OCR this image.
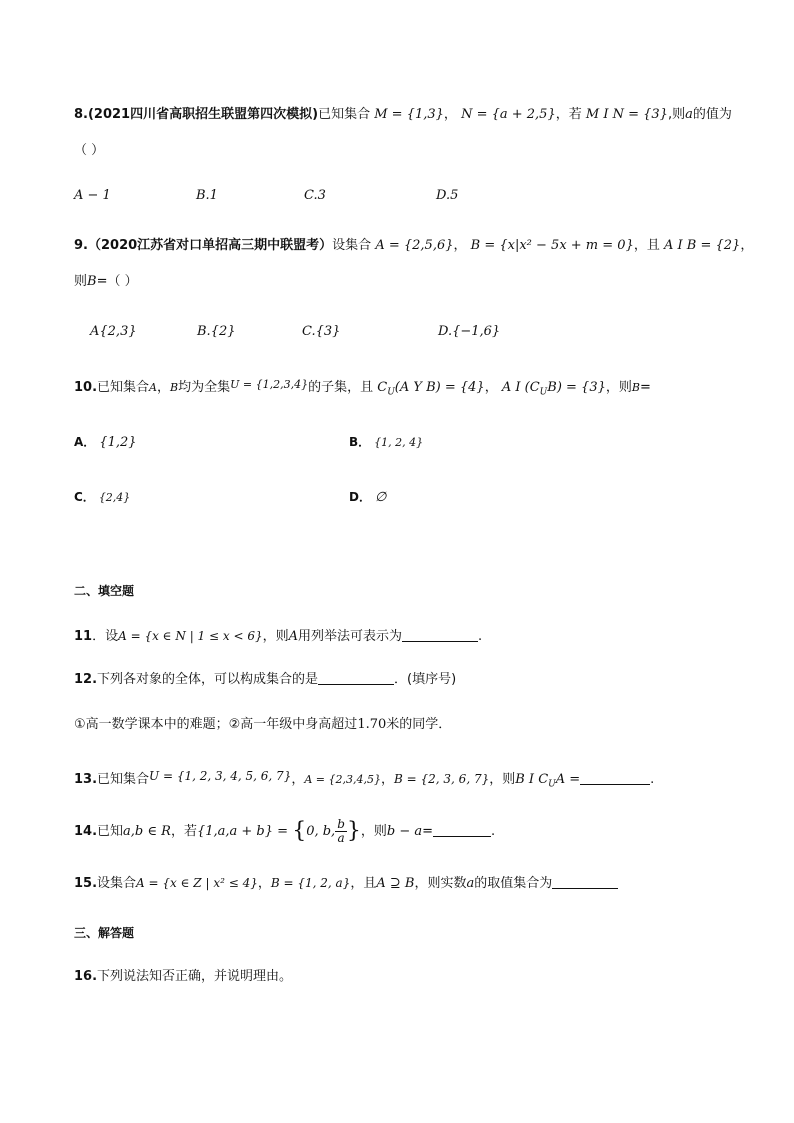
8.(2021四川省高职招生联盟第四次模拟)已知集合 M = {1,3}， N = {a + 2,5}，若 M I N = {3},则a的值为
（ ）
A − 1	B.1	C.3	D.5
9.（2020江苏省对口单招高三期中联盟考）设集合 A = {2,5,6}， B = {x|x² − 5x + m = 0}，且 A I B = {2}，
则B=（ ）
A{2,3}	B.{2}	C.{3}	D.{−1,6}
10.已知集合A，B均为全集$^{U = \{1,2,3,4\}}$的子集，且 $C_U(A$ Y B) = {4}， A I $(C_UB) = \{3\}$，则B=
A． {1,2}	B． {1, 2, 4}
C． {2,4}	D． ∅
二、填空题
11．设A = {x ∈ N | 1 ≤ x < 6}，则A用列举法可表示为	.
12.下列各对象的全体，可以构成集合的是	．(填序号)
①高一数学课本中的难题；②高一年级中身高超过1.70米的同学．
13.已知集合U = {1, 2, 3, 4, 5, 6, 7}，A = {2,3,4,5}，B = {2, 3, 6, 7}，则B I $C_UA$ =	.
14.已知a,b ∈ R，若{1,a,a + b} = {0, b, $\frac{b}{a}$ }，则b − a=	.
15.设集合A = {x ∈ Z | x² ≤ 4}，B = {1, 2, a}，且A ⊇ B，则实数a的取值集合为
三、解答题
16.下列说法知否正确，并说明理由。
